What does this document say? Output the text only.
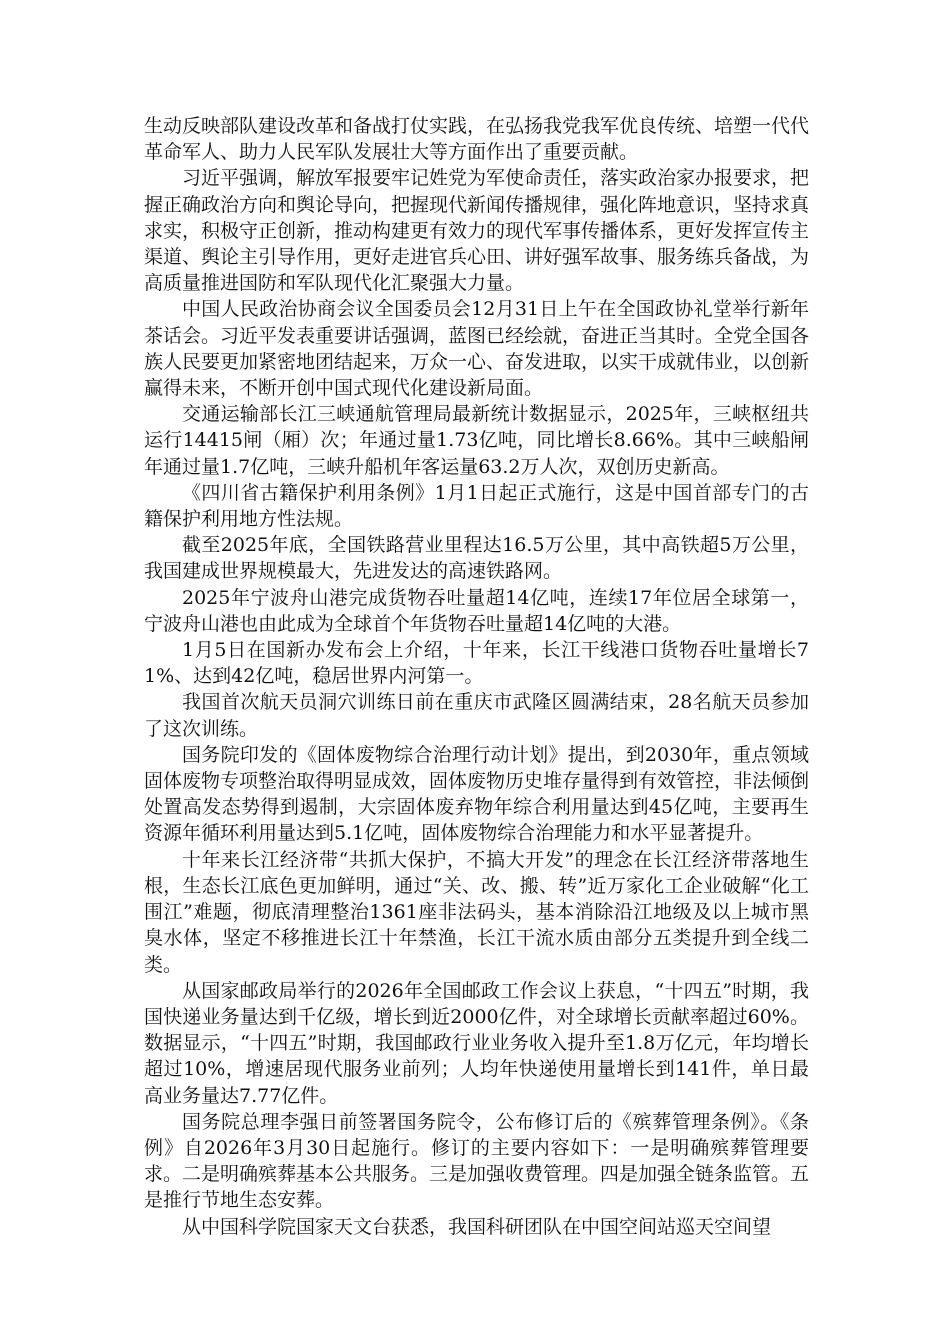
生动反映部队建设改革和备战打仗实践，在弘扬我党我军优良传统、培塑一代代革命军人、助力人民军队发展壮大等方面作出了重要贡献。

习近平强调，解放军报要牢记姓党为军使命责任，落实政治家办报要求，把握正确政治方向和舆论导向，把握现代新闻传播规律，强化阵地意识，坚持求真求实，积极守正创新，推动构建更有效力的现代军事传播体系，更好发挥宣传主渠道、舆论主引导作用，更好走进官兵心田、讲好强军故事、服务练兵备战，为高质量推进国防和军队现代化汇聚强大力量。

中国人民政治协商会议全国委员会12月31日上午在全国政协礼堂举行新年茶话会。习近平发表重要讲话强调，蓝图已经绘就，奋进正当其时。全党全国各族人民要更加紧密地团结起来，万众一心、奋发进取，以实干成就伟业，以创新赢得未来，不断开创中国式现代化建设新局面。

交通运输部长江三峡通航管理局最新统计数据显示，2025年，三峡枢纽共运行14415闸（厢）次；年通过量1.73亿吨，同比增长8.66%。其中三峡船闸年通过量1.7亿吨，三峡升船机年客运量63.2万人次，双创历史新高。

《四川省古籍保护利用条例》1月1日起正式施行，这是中国首部专门的古籍保护利用地方性法规。

截至2025年底，全国铁路营业里程达16.5万公里，其中高铁超5万公里，我国建成世界规模最大，先进发达的高速铁路网。

2025年宁波舟山港完成货物吞吐量超14亿吨，连续17年位居全球第一，宁波舟山港也由此成为全球首个年货物吞吐量超14亿吨的大港。

1月5日在国新办发布会上介绍，十年来，长江干线港口货物吞吐量增长71%、达到42亿吨，稳居世界内河第一。

我国首次航天员洞穴训练日前在重庆市武隆区圆满结束，28名航天员参加了这次训练。

国务院印发的《固体废物综合治理行动计划》提出，到2030年，重点领域固体废物专项整治取得明显成效，固体废物历史堆存量得到有效管控，非法倾倒处置高发态势得到遏制，大宗固体废弃物年综合利用量达到45亿吨，主要再生资源年循环利用量达到5.1亿吨，固体废物综合治理能力和水平显著提升。

十年来长江经济带“共抓大保护，不搞大开发”的理念在长江经济带落地生根，生态长江底色更加鲜明，通过“关、改、搬、转”近万家化工企业破解“化工围江”难题，彻底清理整治1361座非法码头，基本消除沿江地级及以上城市黑臭水体，坚定不移推进长江十年禁渔，长江干流水质由部分五类提升到全线二类。

从国家邮政局举行的2026年全国邮政工作会议上获息，“十四五”时期，我国快递业务量达到千亿级，增长到近2000亿件，对全球增长贡献率超过60%。数据显示，“十四五”时期，我国邮政行业业务收入提升至1.8万亿元，年均增长超过10%，增速居现代服务业前列；人均年快递使用量增长到141件，单日最高业务量达7.77亿件。

国务院总理李强日前签署国务院令，公布修订后的《殡葬管理条例》。《条例》自2026年3月30日起施行。修订的主要内容如下：一是明确殡葬管理要求。二是明确殡葬基本公共服务。三是加强收费管理。四是加强全链条监管。五是推行节地生态安葬。

从中国科学院国家天文台获悉，我国科研团队在中国空间站巡天空间望
